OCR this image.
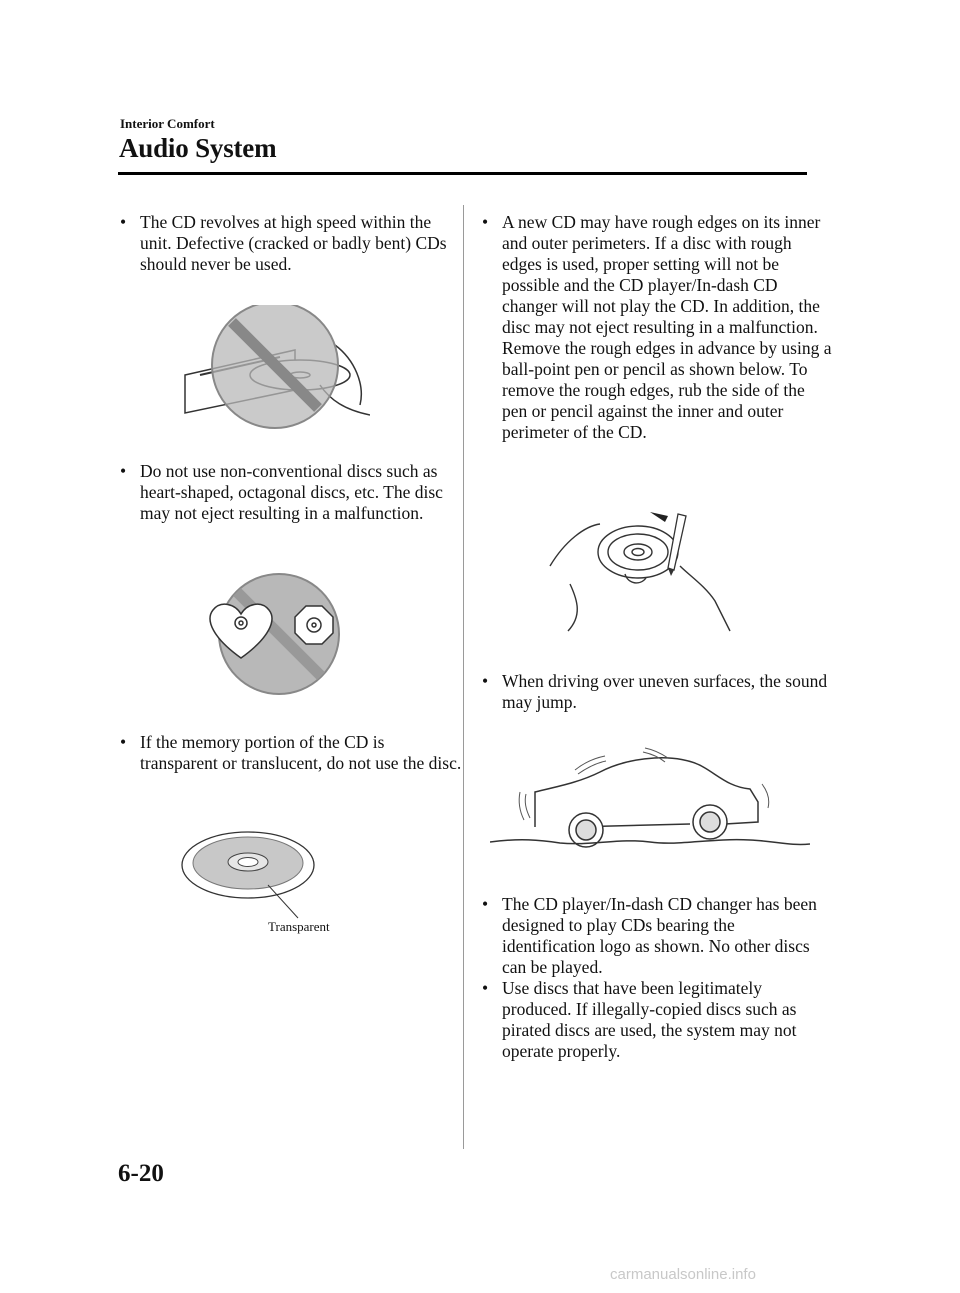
Interior Comfort
Audio System
• The CD revolves at high speed within the unit. Defective (cracked or badly bent) CDs should never be used.
• Do not use non-conventional discs such as heart-shaped, octagonal discs, etc. The disc may not eject resulting in a malfunction.
• If the memory portion of the CD is transparent or translucent, do not use the disc.
Transparent
• A new CD may have rough edges on its inner and outer perimeters. If a disc with rough edges is used, proper setting will not be possible and the CD player/In-dash CD changer will not play the CD. In addition, the disc may not eject resulting in a malfunction. Remove the rough edges in advance by using a ball-point pen or pencil as shown below. To remove the rough edges, rub the side of the pen or pencil against the inner and outer perimeter of the CD.
• When driving over uneven surfaces, the sound may jump.
• The CD player/In-dash CD changer has been designed to play CDs bearing the identification logo as shown. No other discs can be played.
• Use discs that have been legitimately produced. If illegally-copied discs such as pirated discs are used, the system may not operate properly.
6-20
carmanualsonline.info
